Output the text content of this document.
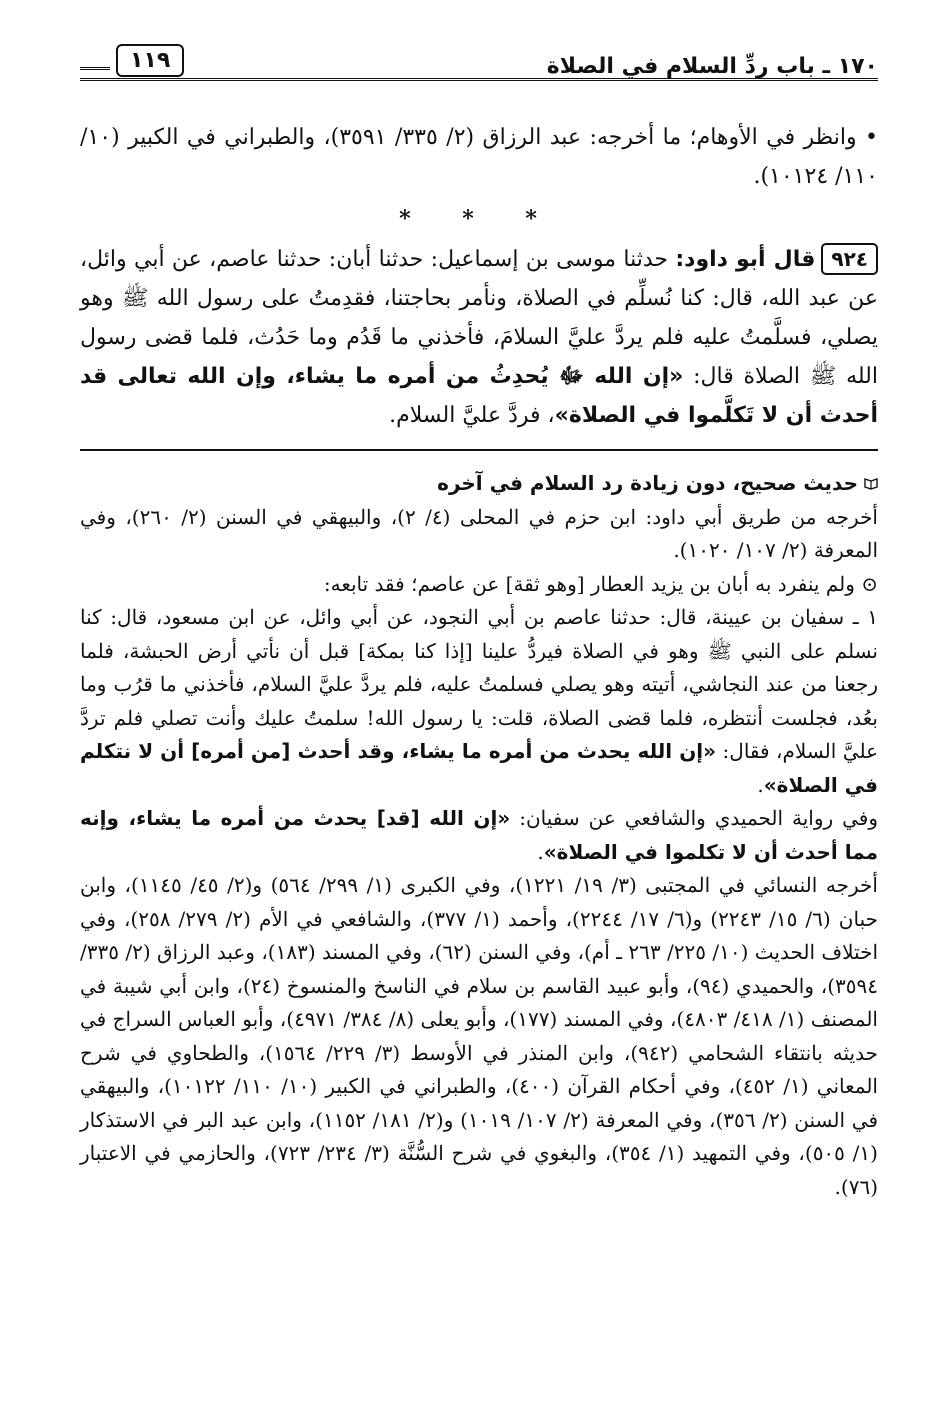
١٧٠ ـ باب ردِّ السلام في الصلاة
١١٩

• وانظر في الأوهام؛ ما أخرجه: عبد الرزاق (٢/ ٣٣٥/ ٣٥٩١)، والطبراني في الكبير (١٠/ ١١٠/ ١٠١٢٤).

* * *

٩٢٤قال أبو داود: حدثنا موسى بن إسماعيل: حدثنا أبان: حدثنا عاصم، عن أبي وائل، عن عبد الله، قال: كنا نُسلِّم في الصلاة، ونأمر بحاجتنا، فقدِمتُ على رسول الله ﷺ وهو يصلي، فسلَّمتُ عليه فلم يردَّ عليَّ السلامَ، فأخذني ما قَدُم وما حَدُث، فلما قضى رسول الله ﷺ الصلاة قال: «إن الله ﷻ يُحدِثُ من أمره ما يشاء، وإن الله تعالى قد أحدث أن لا تَكلَّموا في الصلاة»، فردَّ عليَّ السلام.

حديث صحيح، دون زيادة رد السلام في آخره

أخرجه من طريق أبي داود: ابن حزم في المحلى (٤/ ٢)، والبيهقي في السنن (٢/ ٢٦٠)، وفي المعرفة (٢/ ١٠٧/ ١٠٢٠).

⊙ ولم ينفرد به أبان بن يزيد العطار [وهو ثقة] عن عاصم؛ فقد تابعه:

١ ـ سفيان بن عيينة، قال: حدثنا عاصم بن أبي النجود، عن أبي وائل، عن ابن مسعود، قال: كنا نسلم على النبي ﷺ وهو في الصلاة فيردُّ علينا [إذا كنا بمكة] قبل أن نأتي أرض الحبشة، فلما رجعنا من عند النجاشي، أتيته وهو يصلي فسلمتُ عليه، فلم يردَّ عليَّ السلام، فأخذني ما قرُب وما بعُد، فجلست أنتظره، فلما قضى الصلاة، قلت: يا رسول الله! سلمتُ عليك وأنت تصلي فلم تردَّ عليَّ السلام، فقال: «إن الله يحدث من أمره ما يشاء، وقد أحدث [من أمره] أن لا نتكلم في الصلاة».

وفي رواية الحميدي والشافعي عن سفيان: «إن الله [قد] يحدث من أمره ما يشاء، وإنه مما أحدث أن لا تكلموا في الصلاة».

أخرجه النسائي في المجتبى (٣/ ١٩/ ١٢٢١)، وفي الكبرى (١/ ٢٩٩/ ٥٦٤) و(٢/ ٤٥/ ١١٤٥)، وابن حبان (٦/ ١٥/ ٢٢٤٣) و(٦/ ١٧/ ٢٢٤٤)، وأحمد (١/ ٣٧٧)، والشافعي في الأم (٢/ ٢٧٩/ ٢٥٨)، وفي اختلاف الحديث (١٠/ ٢٢٥/ ٢٦٣ ـ أم)، وفي السنن (٦٢)، وفي المسند (١٨٣)، وعبد الرزاق (٢/ ٣٣٥/ ٣٥٩٤)، والحميدي (٩٤)، وأبو عبيد القاسم بن سلام في الناسخ والمنسوخ (٢٤)، وابن أبي شيبة في المصنف (١/ ٤١٨/ ٤٨٠٣)، وفي المسند (١٧٧)، وأبو يعلى (٨/ ٣٨٤/ ٤٩٧١)، وأبو العباس السراج في حديثه بانتقاء الشحامي (٩٤٢)، وابن المنذر في الأوسط (٣/ ٢٢٩/ ١٥٦٤)، والطحاوي في شرح المعاني (١/ ٤٥٢)، وفي أحكام القرآن (٤٠٠)، والطبراني في الكبير (١٠/ ١١٠/ ١٠١٢٢)، والبيهقي في السنن (٢/ ٣٥٦)، وفي المعرفة (٢/ ١٠٧/ ١٠١٩) و(٢/ ١٨١/ ١١٥٢)، وابن عبد البر في الاستذكار (١/ ٥٠٥)، وفي التمهيد (١/ ٣٥٤)، والبغوي في شرح السُّنَّة (٣/ ٢٣٤/ ٧٢٣)، والحازمي في الاعتبار (٧٦).
